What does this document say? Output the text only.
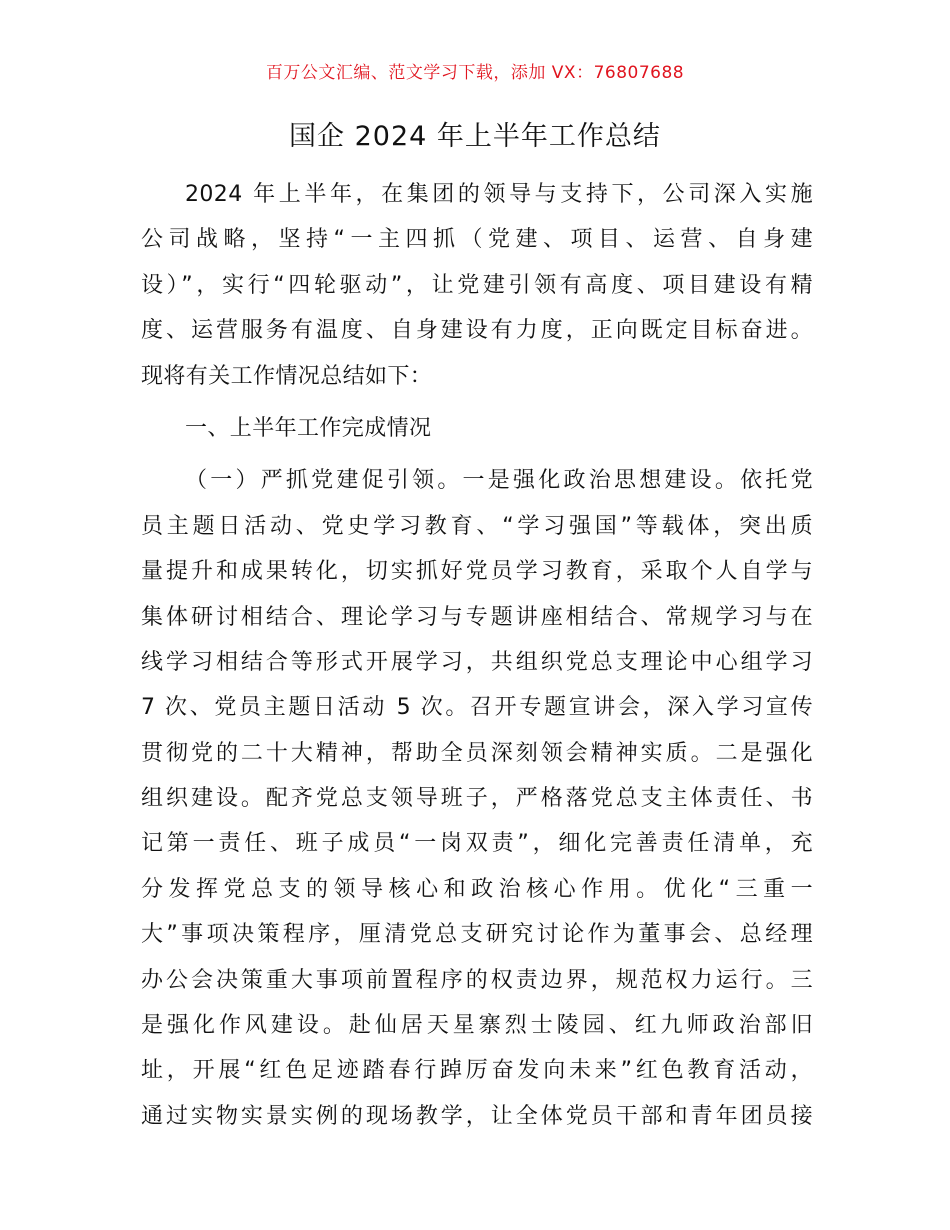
百万公文汇编、范文学习下载，添加 VX：76807688
国企 2024 年上半年工作总结
2024 年上半年，在集团的领导与支持下，公司深入实施
公司战略，坚持“一主四抓（党建、项目、运营、自身建
设）”，实行“四轮驱动”，让党建引领有高度、项目建设有精
度、运营服务有温度、自身建设有力度，正向既定目标奋进。
现将有关工作情况总结如下：
一、上半年工作完成情况
（一）严抓党建促引领。一是强化政治思想建设。依托党
员主题日活动、党史学习教育、“学习强国”等载体，突出质
量提升和成果转化，切实抓好党员学习教育，采取个人自学与
集体研讨相结合、理论学习与专题讲座相结合、常规学习与在
线学习相结合等形式开展学习，共组织党总支理论中心组学习
7 次、党员主题日活动 5 次。召开专题宣讲会，深入学习宣传
贯彻党的二十大精神，帮助全员深刻领会精神实质。二是强化
组织建设。配齐党总支领导班子，严格落党总支主体责任、书
记第一责任、班子成员“一岗双责”，细化完善责任清单，充
分发挥党总支的领导核心和政治核心作用。优化“三重一
大”事项决策程序，厘清党总支研究讨论作为董事会、总经理
办公会决策重大事项前置程序的权责边界，规范权力运行。三
是强化作风建设。赴仙居天星寨烈士陵园、红九师政治部旧
址，开展“红色足迹踏春行踔厉奋发向未来”红色教育活动，
通过实物实景实例的现场教学，让全体党员干部和青年团员接
